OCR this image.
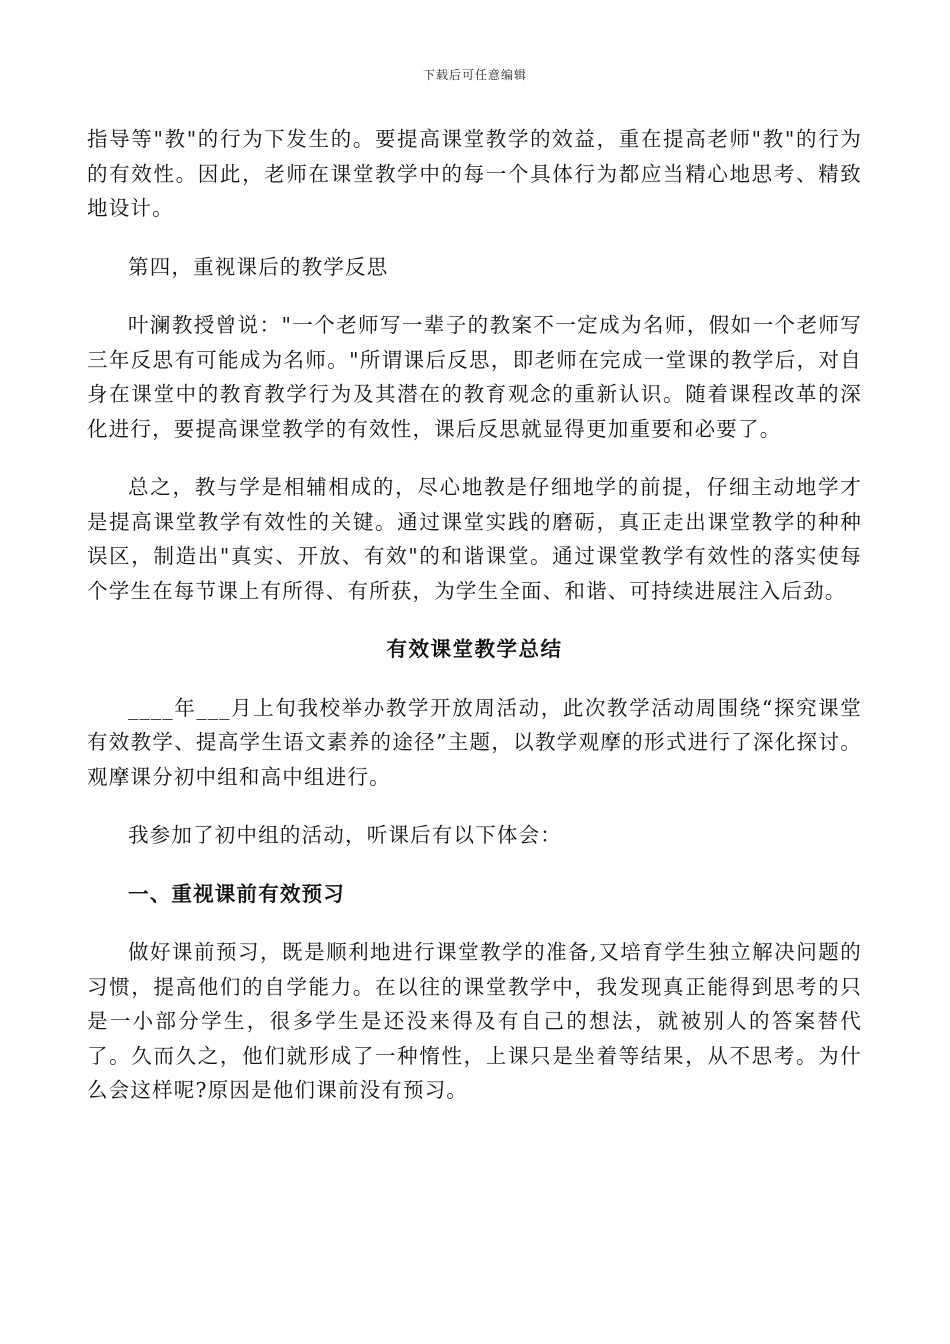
下载后可任意编辑

指导等"教"的行为下发生的。要提高课堂教学的效益，重在提高老师"教"的行为的有效性。因此，老师在课堂教学中的每一个具体行为都应当精心地思考、精致地设计。

第四，重视课后的教学反思

叶澜教授曾说："一个老师写一辈子的教案不一定成为名师，假如一个老师写三年反思有可能成为名师。"所谓课后反思，即老师在完成一堂课的教学后，对自身在课堂中的教育教学行为及其潜在的教育观念的重新认识。随着课程改革的深化进行，要提高课堂教学的有效性，课后反思就显得更加重要和必要了。

总之，教与学是相辅相成的，尽心地教是仔细地学的前提，仔细主动地学才是提高课堂教学有效性的关键。通过课堂实践的磨砺，真正走出课堂教学的种种误区，制造出"真实、开放、有效"的和谐课堂。通过课堂教学有效性的落实使每个学生在每节课上有所得、有所获，为学生全面、和谐、可持续进展注入后劲。

有效课堂教学总结

____年___月上旬我校举办教学开放周活动，此次教学活动周围绕“探究课堂有效教学、提高学生语文素养的途径”主题，以教学观摩的形式进行了深化探讨。观摩课分初中组和高中组进行。

我参加了初中组的活动，听课后有以下体会：

一、重视课前有效预习

做好课前预习，既是顺利地进行课堂教学的准备,又培育学生独立解决问题的习惯，提高他们的自学能力。在以往的课堂教学中，我发现真正能得到思考的只是一小部分学生，很多学生是还没来得及有自己的想法，就被别人的答案替代了。久而久之，他们就形成了一种惰性，上课只是坐着等结果，从不思考。为什么会这样呢?原因是他们课前没有预习。
